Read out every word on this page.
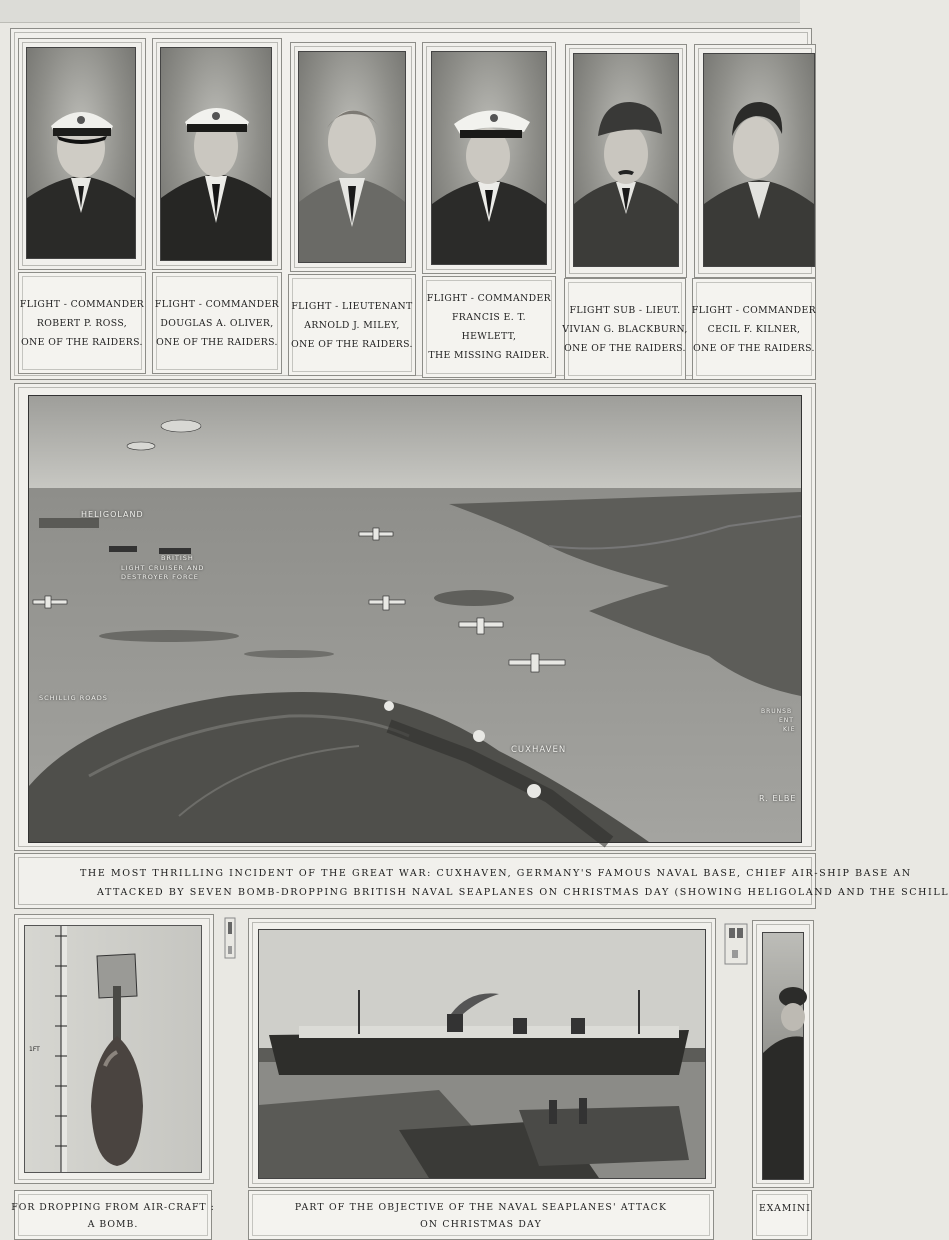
FLIGHT - COMMANDER
ROBERT P. ROSS,
ONE OF THE RAIDERS.
FLIGHT - COMMANDER
DOUGLAS A. OLIVER,
ONE OF THE RAIDERS.
FLIGHT - LIEUTENANT
ARNOLD J. MILEY,
ONE OF THE RAIDERS.
FLIGHT - COMMANDER
FRANCIS E. T.
HEWLETT,
THE MISSING RAIDER.
FLIGHT SUB - LIEUT.
VIVIAN G. BLACKBURN,
ONE OF THE RAIDERS.
FLIGHT - COMMANDER
CECIL F. KILNER,
ONE OF THE RAIDERS.
HELIGOLAND
BRITISH
LIGHT CRUISER AND
DESTROYER FORCE
SCHILLIG ROADS
CUXHAVEN
R. ELBE
BRUNSB
ENT
KIE
THE MOST THRILLING INCIDENT OF THE GREAT WAR: CUXHAVEN, GERMANY'S FAMOUS NAVAL BASE, CHIEF AIR-SHIP BASE AN
ATTACKED BY SEVEN BOMB-DROPPING BRITISH NAVAL SEAPLANES ON CHRISTMAS DAY (SHOWING HELIGOLAND AND THE SCHILL
1FT
FOR DROPPING FROM AIR-CRAFT :
A BOMB.
PART OF THE OBJECTIVE OF THE NAVAL SEAPLANES' ATTACK
ON CHRISTMAS DAY
EXAMINI
